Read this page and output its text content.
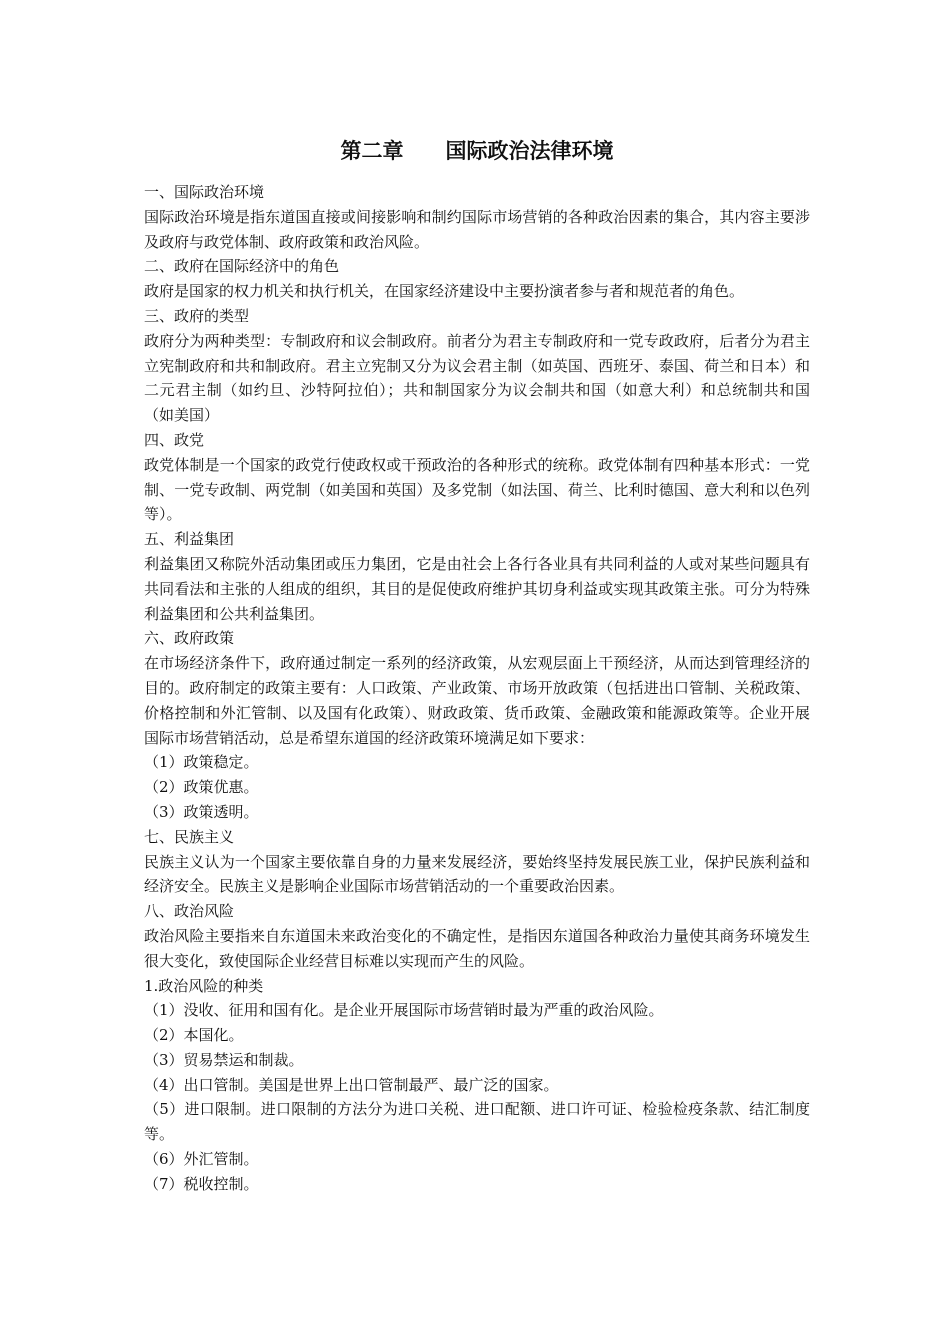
第二章　　国际政治法律环境

一、国际政治环境

国际政治环境是指东道国直接或间接影响和制约国际市场营销的各种政治因素的集合，其内容主要涉及政府与政党体制、政府政策和政治风险。

二、政府在国际经济中的角色

政府是国家的权力机关和执行机关，在国家经济建设中主要扮演者参与者和规范者的角色。

三、政府的类型

政府分为两种类型：专制政府和议会制政府。前者分为君主专制政府和一党专政政府，后者分为君主立宪制政府和共和制政府。君主立宪制又分为议会君主制（如英国、西班牙、泰国、荷兰和日本）和二元君主制（如约旦、沙特阿拉伯）；共和制国家分为议会制共和国（如意大利）和总统制共和国（如美国）

四、政党

政党体制是一个国家的政党行使政权或干预政治的各种形式的统称。政党体制有四种基本形式：一党制、一党专政制、两党制（如美国和英国）及多党制（如法国、荷兰、比利时德国、意大利和以色列等）。

五、利益集团

利益集团又称院外活动集团或压力集团，它是由社会上各行各业具有共同利益的人或对某些问题具有共同看法和主张的人组成的组织，其目的是促使政府维护其切身利益或实现其政策主张。可分为特殊利益集团和公共利益集团。

六、政府政策

在市场经济条件下，政府通过制定一系列的经济政策，从宏观层面上干预经济，从而达到管理经济的目的。政府制定的政策主要有：人口政策、产业政策、市场开放政策（包括进出口管制、关税政策、价格控制和外汇管制、以及国有化政策）、财政政策、货币政策、金融政策和能源政策等。企业开展国际市场营销活动，总是希望东道国的经济政策环境满足如下要求：

（1）政策稳定。

（2）政策优惠。

（3）政策透明。

七、民族主义

民族主义认为一个国家主要依靠自身的力量来发展经济，要始终坚持发展民族工业，保护民族利益和经济安全。民族主义是影响企业国际市场营销活动的一个重要政治因素。

八、政治风险

政治风险主要指来自东道国未来政治变化的不确定性，是指因东道国各种政治力量使其商务环境发生很大变化，致使国际企业经营目标难以实现而产生的风险。

1.政治风险的种类

（1）没收、征用和国有化。是企业开展国际市场营销时最为严重的政治风险。

（2）本国化。

（3）贸易禁运和制裁。

（4）出口管制。美国是世界上出口管制最严、最广泛的国家。

（5）进口限制。进口限制的方法分为进口关税、进口配额、进口许可证、检验检疫条款、结汇制度等。

（6）外汇管制。

（7）税收控制。
